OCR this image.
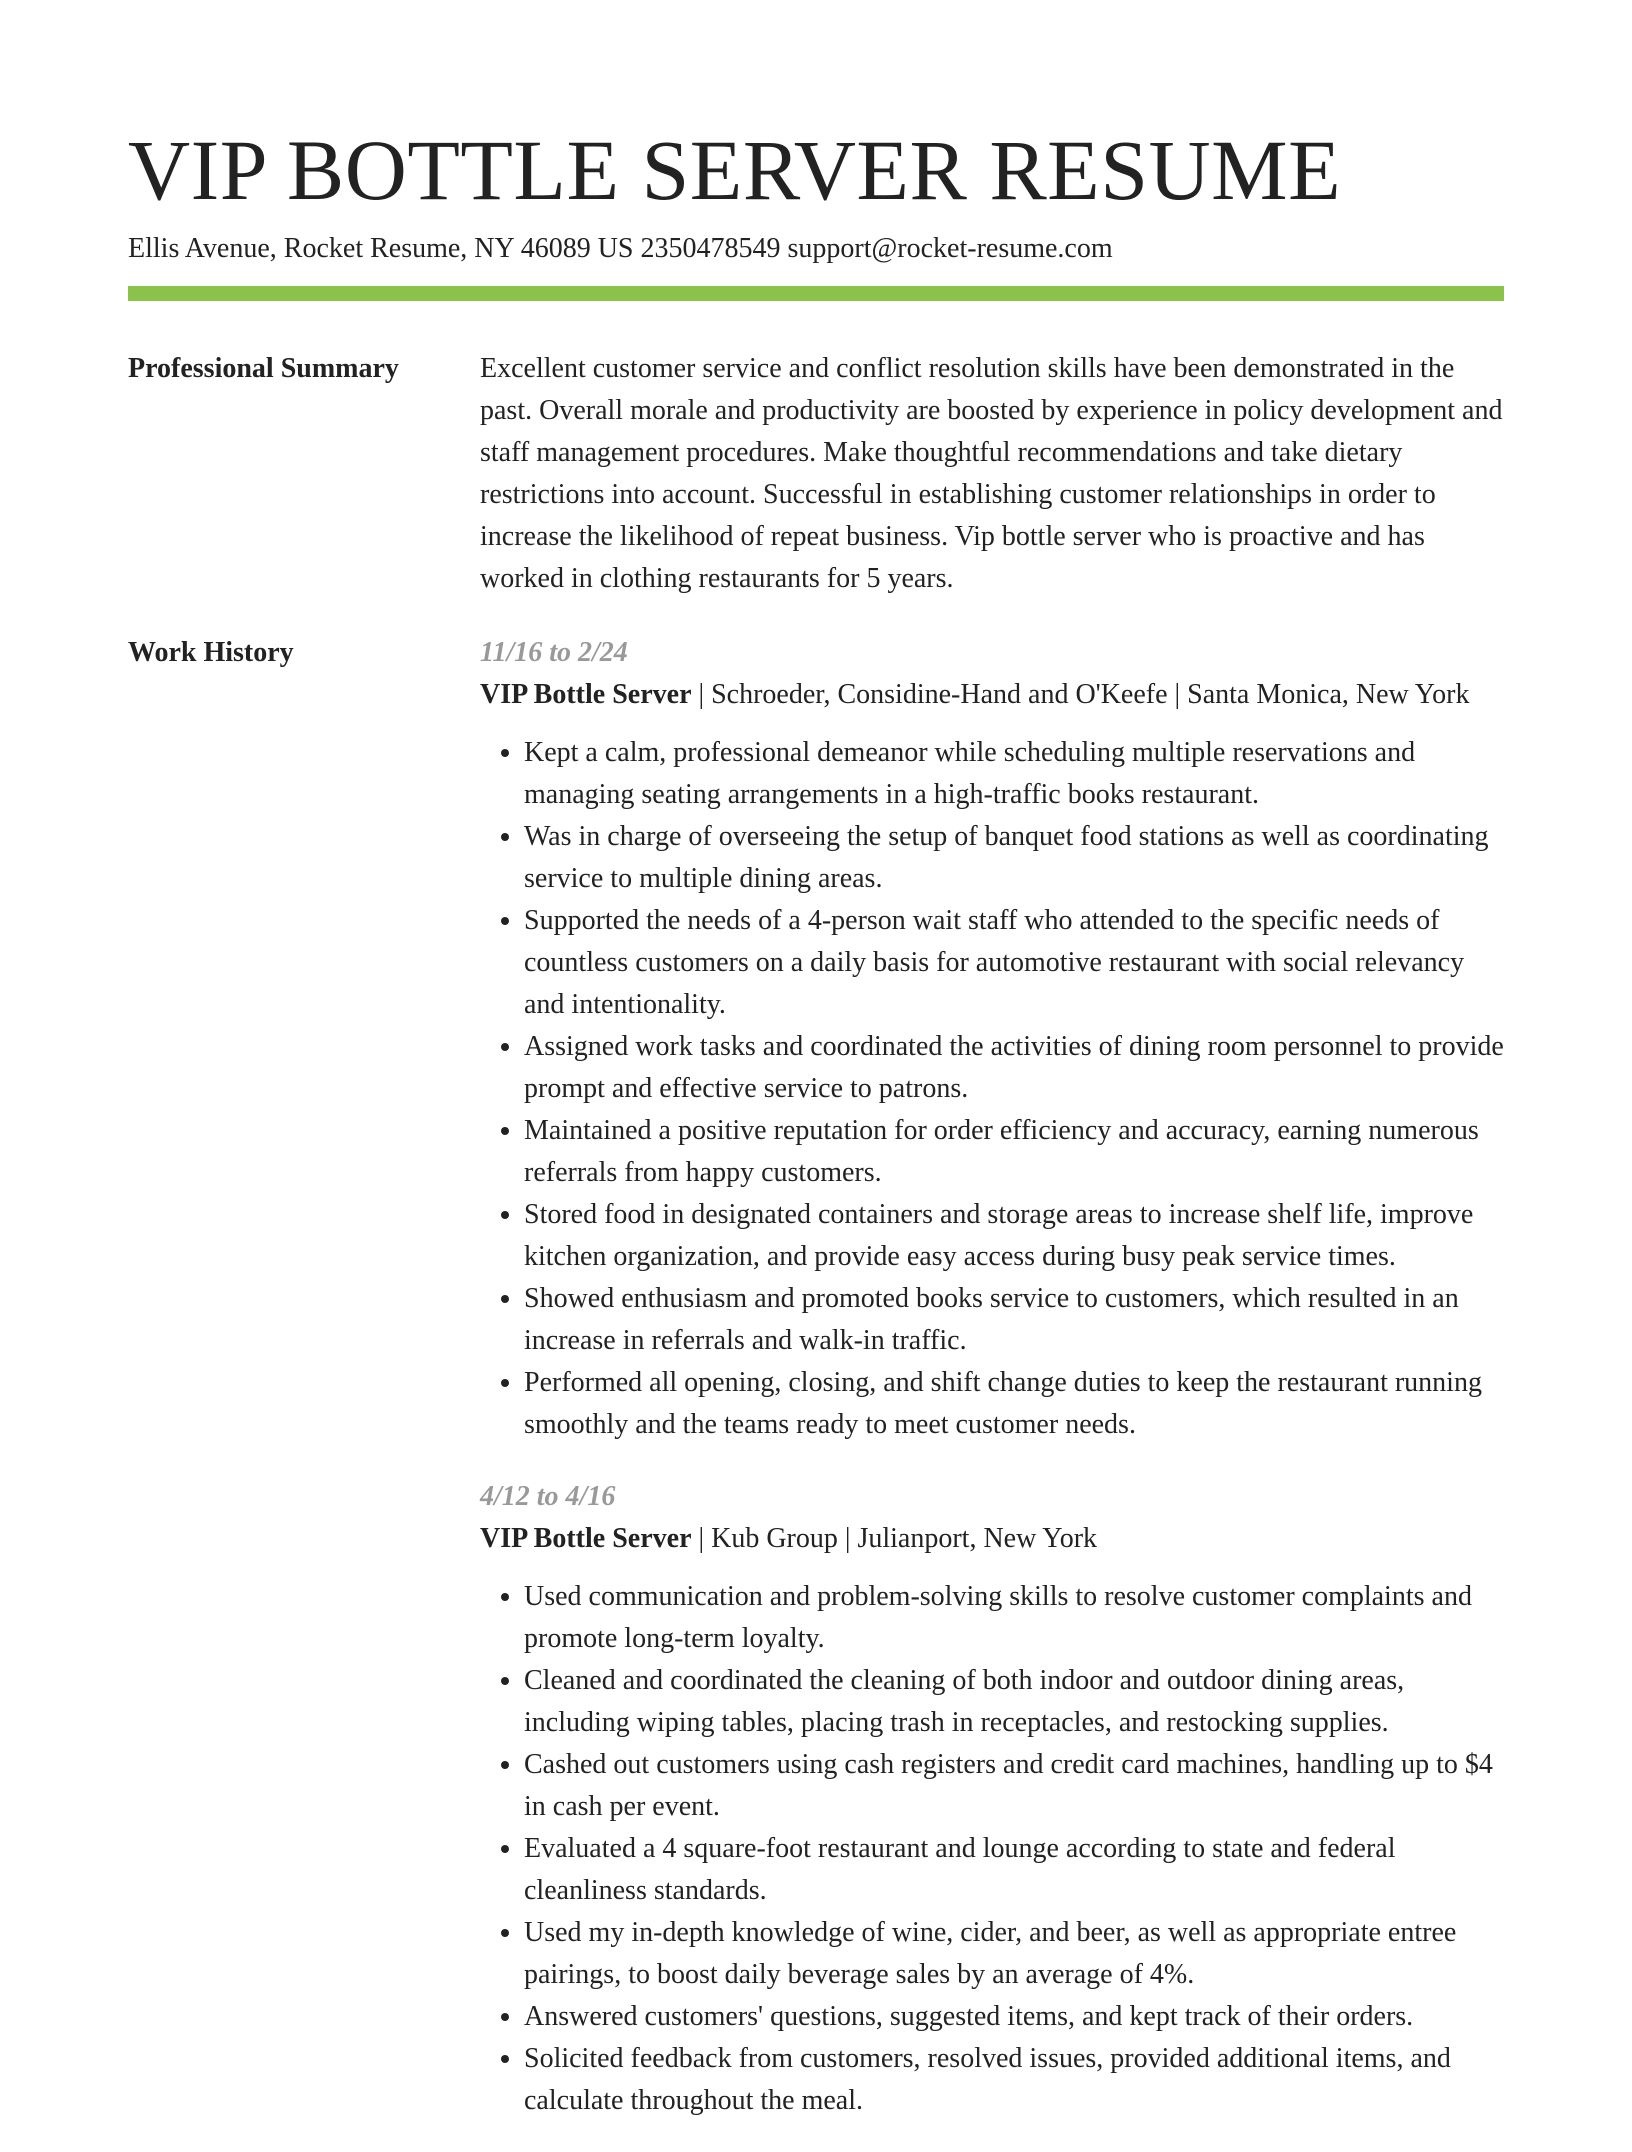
VIP BOTTLE SERVER RESUME
Ellis Avenue, Rocket Resume, NY 46089 US 2350478549 support@rocket-resume.com
Professional Summary	Excellent customer service and conflict resolution skills have been demonstrated in the past. Overall morale and productivity are boosted by experience in policy development and staff management procedures. Make thoughtful recommendations and take dietary restrictions into account. Successful in establishing customer relationships in order to increase the likelihood of repeat business. Vip bottle server who is proactive and has worked in clothing restaurants for 5 years.

Work History	11/16 to 2/24
VIP Bottle Server | Schroeder, Considine-Hand and O'Keefe | Santa Monica, New York
• Kept a calm, professional demeanor while scheduling multiple reservations and managing seating arrangements in a high-traffic books restaurant.
• Was in charge of overseeing the setup of banquet food stations as well as coordinating service to multiple dining areas.
• Supported the needs of a 4-person wait staff who attended to the specific needs of countless customers on a daily basis for automotive restaurant with social relevancy and intentionality.
• Assigned work tasks and coordinated the activities of dining room personnel to provide prompt and effective service to patrons.
• Maintained a positive reputation for order efficiency and accuracy, earning numerous referrals from happy customers.
• Stored food in designated containers and storage areas to increase shelf life, improve kitchen organization, and provide easy access during busy peak service times.
• Showed enthusiasm and promoted books service to customers, which resulted in an increase in referrals and walk-in traffic.
• Performed all opening, closing, and shift change duties to keep the restaurant running smoothly and the teams ready to meet customer needs.
4/12 to 4/16
VIP Bottle Server | Kub Group | Julianport, New York
• Used communication and problem-solving skills to resolve customer complaints and promote long-term loyalty.
• Cleaned and coordinated the cleaning of both indoor and outdoor dining areas, including wiping tables, placing trash in receptacles, and restocking supplies.
• Cashed out customers using cash registers and credit card machines, handling up to $4 in cash per event.
• Evaluated a 4 square-foot restaurant and lounge according to state and federal cleanliness standards.
• Used my in-depth knowledge of wine, cider, and beer, as well as appropriate entree pairings, to boost daily beverage sales by an average of 4%.
• Answered customers' questions, suggested items, and kept track of their orders.
• Solicited feedback from customers, resolved issues, provided additional items, and calculate throughout the meal.
